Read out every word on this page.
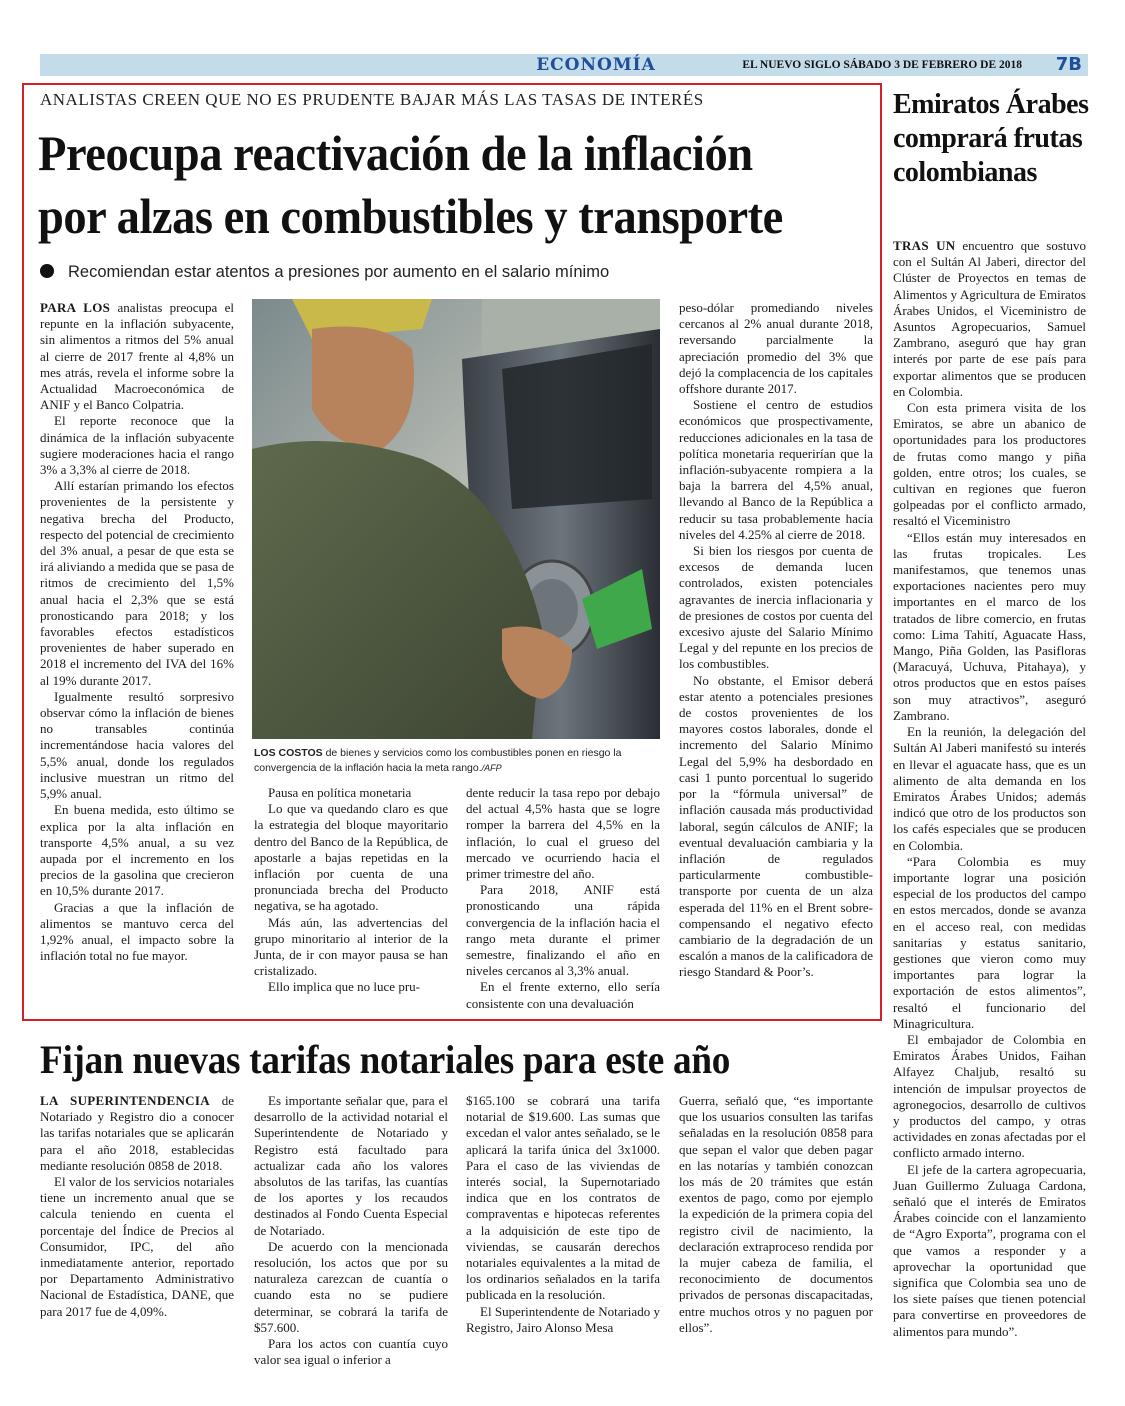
ECONOMÍA	EL NUEVO SIGLO SÁBADO 3 DE FEBRERO DE 2018 7B
ANALISTAS CREEN QUE NO ES PRUDENTE BAJAR MÁS LAS TASAS DE INTERÉS
Preocupa reactivación de la inflación por alzas en combustibles y transporte
Recomiendan estar atentos a presiones por aumento en el salario mínimo

PARA LOS analistas preocupa el repunte en la inflación subyacente, sin alimentos a ritmos del 5% anual al cierre de 2017 frente al 4,8% un mes atrás, revela el informe sobre la Actualidad Macroeconómica de ANIF y el Banco Colpatria.

El reporte reconoce que la dinámica de la inflación subyacente sugiere moderaciones hacia el rango 3% a 3,3% al cierre de 2018.

Allí estarían primando los efectos provenientes de la persistente y negativa brecha del Producto, respecto del potencial de crecimiento del 3% anual, a pesar de que esta se irá aliviando a medida que se pasa de ritmos de crecimiento del 1,5% anual hacia el 2,3% que se está pronosticando para 2018; y los favorables efectos estadísticos provenientes de haber superado en 2018 el incremento del IVA del 16% al 19% durante 2017.

Igualmente resultó sorpresivo observar cómo la inflación de bienes no transables continúa incrementándose hacia valores del 5,5% anual, donde los regulados inclusive muestran un ritmo del 5,9% anual.

En buena medida, esto último se explica por la alta inflación en transporte 4,5% anual, a su vez aupada por el incremento en los precios de la gasolina que crecieron en 10,5% durante 2017.

Gracias a que la inflación de alimentos se mantuvo cerca del 1,92% anual, el impacto sobre la inflación total no fue mayor.

LOS COSTOS de bienes y servicios como los combustibles ponen en riesgo la convergencia de la inflación hacia la meta rango./AFP

Pausa en política monetaria

Lo que va quedando claro es que la estrategia del bloque mayoritario dentro del Banco de la República, de apostarle a bajas repetidas en la inflación por cuenta de una pronunciada brecha del Producto negativa, se ha agotado.

Más aún, las advertencias del grupo minoritario al interior de la Junta, de ir con mayor pausa se han cristalizado.

Ello implica que no luce pru-

dente reducir la tasa repo por debajo del actual 4,5% hasta que se logre romper la barrera del 4,5% en la inflación, lo cual el grueso del mercado ve ocurriendo hacia el primer trimestre del año.

Para 2018, ANIF está pronosticando una rápida convergencia de la inflación hacia el rango meta durante el primer semestre, finalizando el año en niveles cercanos al 3,3% anual.

En el frente externo, ello sería consistente con una devaluación

peso-dólar promediando niveles cercanos al 2% anual durante 2018, reversando parcialmente la apreciación promedio del 3% que dejó la complacencia de los capitales offshore durante 2017.

Sostiene el centro de estudios económicos que prospectivamente, reducciones adicionales en la tasa de política monetaria requerirían que la inflación-subyacente rompiera a la baja la barrera del 4,5% anual, llevando al Banco de la República a reducir su tasa probablemente hacia niveles del 4.25% al cierre de 2018.

Si bien los riesgos por cuenta de excesos de demanda lucen controlados, existen potenciales agravantes de inercia inflacionaria y de presiones de costos por cuenta del excesivo ajuste del Salario Mínimo Legal y del repunte en los precios de los combustibles.

No obstante, el Emisor deberá estar atento a potenciales presiones de costos provenientes de los mayores costos laborales, donde el incremento del Salario Mínimo Legal del 5,9% ha desbordado en casi 1 punto porcentual lo sugerido por la “fórmula universal” de inflación causada más productividad laboral, según cálculos de ANIF; la eventual devaluación cambiaria y la inflación de regulados particularmente combustible-transporte por cuenta de un alza esperada del 11% en el Brent sobre-compensando el negativo efecto cambiario de la degradación de un escalón a manos de la calificadora de riesgo Standard & Poor’s.

Emiratos Árabes comprará frutas colombianas

TRAS UN encuentro que sostuvo con el Sultán Al Jaberi, director del Clúster de Proyectos en temas de Alimentos y Agricultura de Emiratos Árabes Unidos, el Viceministro de Asuntos Agropecuarios, Samuel Zambrano, aseguró que hay gran interés por parte de ese país para exportar alimentos que se producen en Colombia.

Con esta primera visita de los Emiratos, se abre un abanico de oportunidades para los productores de frutas como mango y piña golden, entre otros; los cuales, se cultivan en regiones que fueron golpeadas por el conflicto armado, resaltó el Viceministro

“Ellos están muy interesados en las frutas tropicales. Les manifestamos, que tenemos unas exportaciones nacientes pero muy importantes en el marco de los tratados de libre comercio, en frutas como: Lima Tahití, Aguacate Hass, Mango, Piña Golden, las Pasifloras (Maracuyá, Uchuva, Pitahaya), y otros productos que en estos países son muy atractivos”, aseguró Zambrano.

En la reunión, la delegación del Sultán Al Jaberi manifestó su interés en llevar el aguacate hass, que es un alimento de alta demanda en los Emiratos Árabes Unidos; además indicó que otro de los productos son los cafés especiales que se producen en Colombia.

“Para Colombia es muy importante lograr una posición especial de los productos del campo en estos mercados, donde se avanza en el acceso real, con medidas sanitarias y estatus sanitario, gestiones que vieron como muy importantes para lograr la exportación de estos alimentos”, resaltó el funcionario del Minagricultura.

El embajador de Colombia en Emiratos Árabes Unidos, Faihan Alfayez Chaljub, resaltó su intención de impulsar proyectos de agronegocios, desarrollo de cultivos y productos del campo, y otras actividades en zonas afectadas por el conflicto armado interno.

El jefe de la cartera agropecuaria, Juan Guillermo Zuluaga Cardona, señaló que el interés de Emiratos Árabes coincide con el lanzamiento de “Agro Exporta”, programa con el que vamos a responder y a aprovechar la oportunidad que significa que Colombia sea uno de los siete países que tienen potencial para convertirse en proveedores de alimentos para mundo”.

Fijan nuevas tarifas notariales para este año

LA SUPERINTENDENCIA de Notariado y Registro dio a conocer las tarifas notariales que se aplicarán para el año 2018, establecidas mediante resolución 0858 de 2018.

El valor de los servicios notariales tiene un incremento anual que se calcula teniendo en cuenta el porcentaje del Índice de Precios al Consumidor, IPC, del año inmediatamente anterior, reportado por Departamento Administrativo Nacional de Estadística, DANE, que para 2017 fue de 4,09%.

Es importante señalar que, para el desarrollo de la actividad notarial el Superintendente de Notariado y Registro está facultado para actualizar cada año los valores absolutos de las tarifas, las cuantías de los aportes y los recaudos destinados al Fondo Cuenta Especial de Notariado.

De acuerdo con la mencionada resolución, los actos que por su naturaleza carezcan de cuantía o cuando esta no se pudiere determinar, se cobrará la tarifa de $57.600.

Para los actos con cuantía cuyo valor sea igual o inferior a

$165.100 se cobrará una tarifa notarial de $19.600. Las sumas que excedan el valor antes señalado, se le aplicará la tarifa única del 3x1000. Para el caso de las viviendas de interés social, la Supernotariado indica que en los contratos de compraventas e hipotecas referentes a la adquisición de este tipo de viviendas, se causarán derechos notariales equivalentes a la mitad de los ordinarios señalados en la tarifa publicada en la resolución.

El Superintendente de Notariado y Registro, Jairo Alonso Mesa

Guerra, señaló que, “es importante que los usuarios consulten las tarifas señaladas en la resolución 0858 para que sepan el valor que deben pagar en las notarías y también conozcan los más de 20 trámites que están exentos de pago, como por ejemplo la expedición de la primera copia del registro civil de nacimiento, la declaración extraproceso rendida por la mujer cabeza de familia, el reconocimiento de documentos privados de personas discapacitadas, entre muchos otros y no paguen por ellos”.
